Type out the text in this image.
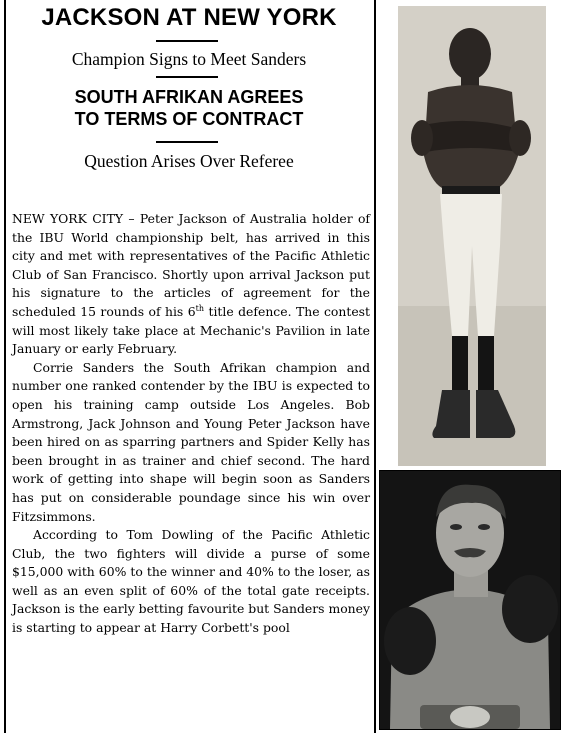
JACKSON AT NEW YORK
Champion Signs to Meet Sanders
SOUTH AFRIKAN AGREES
TO TERMS OF CONTRACT
Question Arises Over Referee

NEW YORK CITY – Peter Jackson of Australia holder of the IBU World championship belt, has arrived in this city and met with representatives of the Pacific Athletic Club of San Francisco. Shortly upon arrival Jackson put his signature to the articles of agreement for the scheduled 15 rounds of his 6th title defence. The contest will most likely take place at Mechanic's Pavilion in late January or early February.

Corrie Sanders the South Afrikan champion and number one ranked contender by the IBU is expected to open his training camp outside Los Angeles. Bob Armstrong, Jack Johnson and Young Peter Jackson have been hired on as sparring partners and Spider Kelly has been brought in as trainer and chief second. The hard work of getting into shape will begin soon as Sanders has put on considerable poundage since his win over Fitzsimmons.

According to Tom Dowling of the Pacific Athletic Club, the two fighters will divide a purse of some $15,000 with 60% to the winner and 40% to the loser, as well as an even split of 60% of the total gate receipts. Jackson is the early betting favourite but Sanders money is starting to appear at Harry Corbett's pool
